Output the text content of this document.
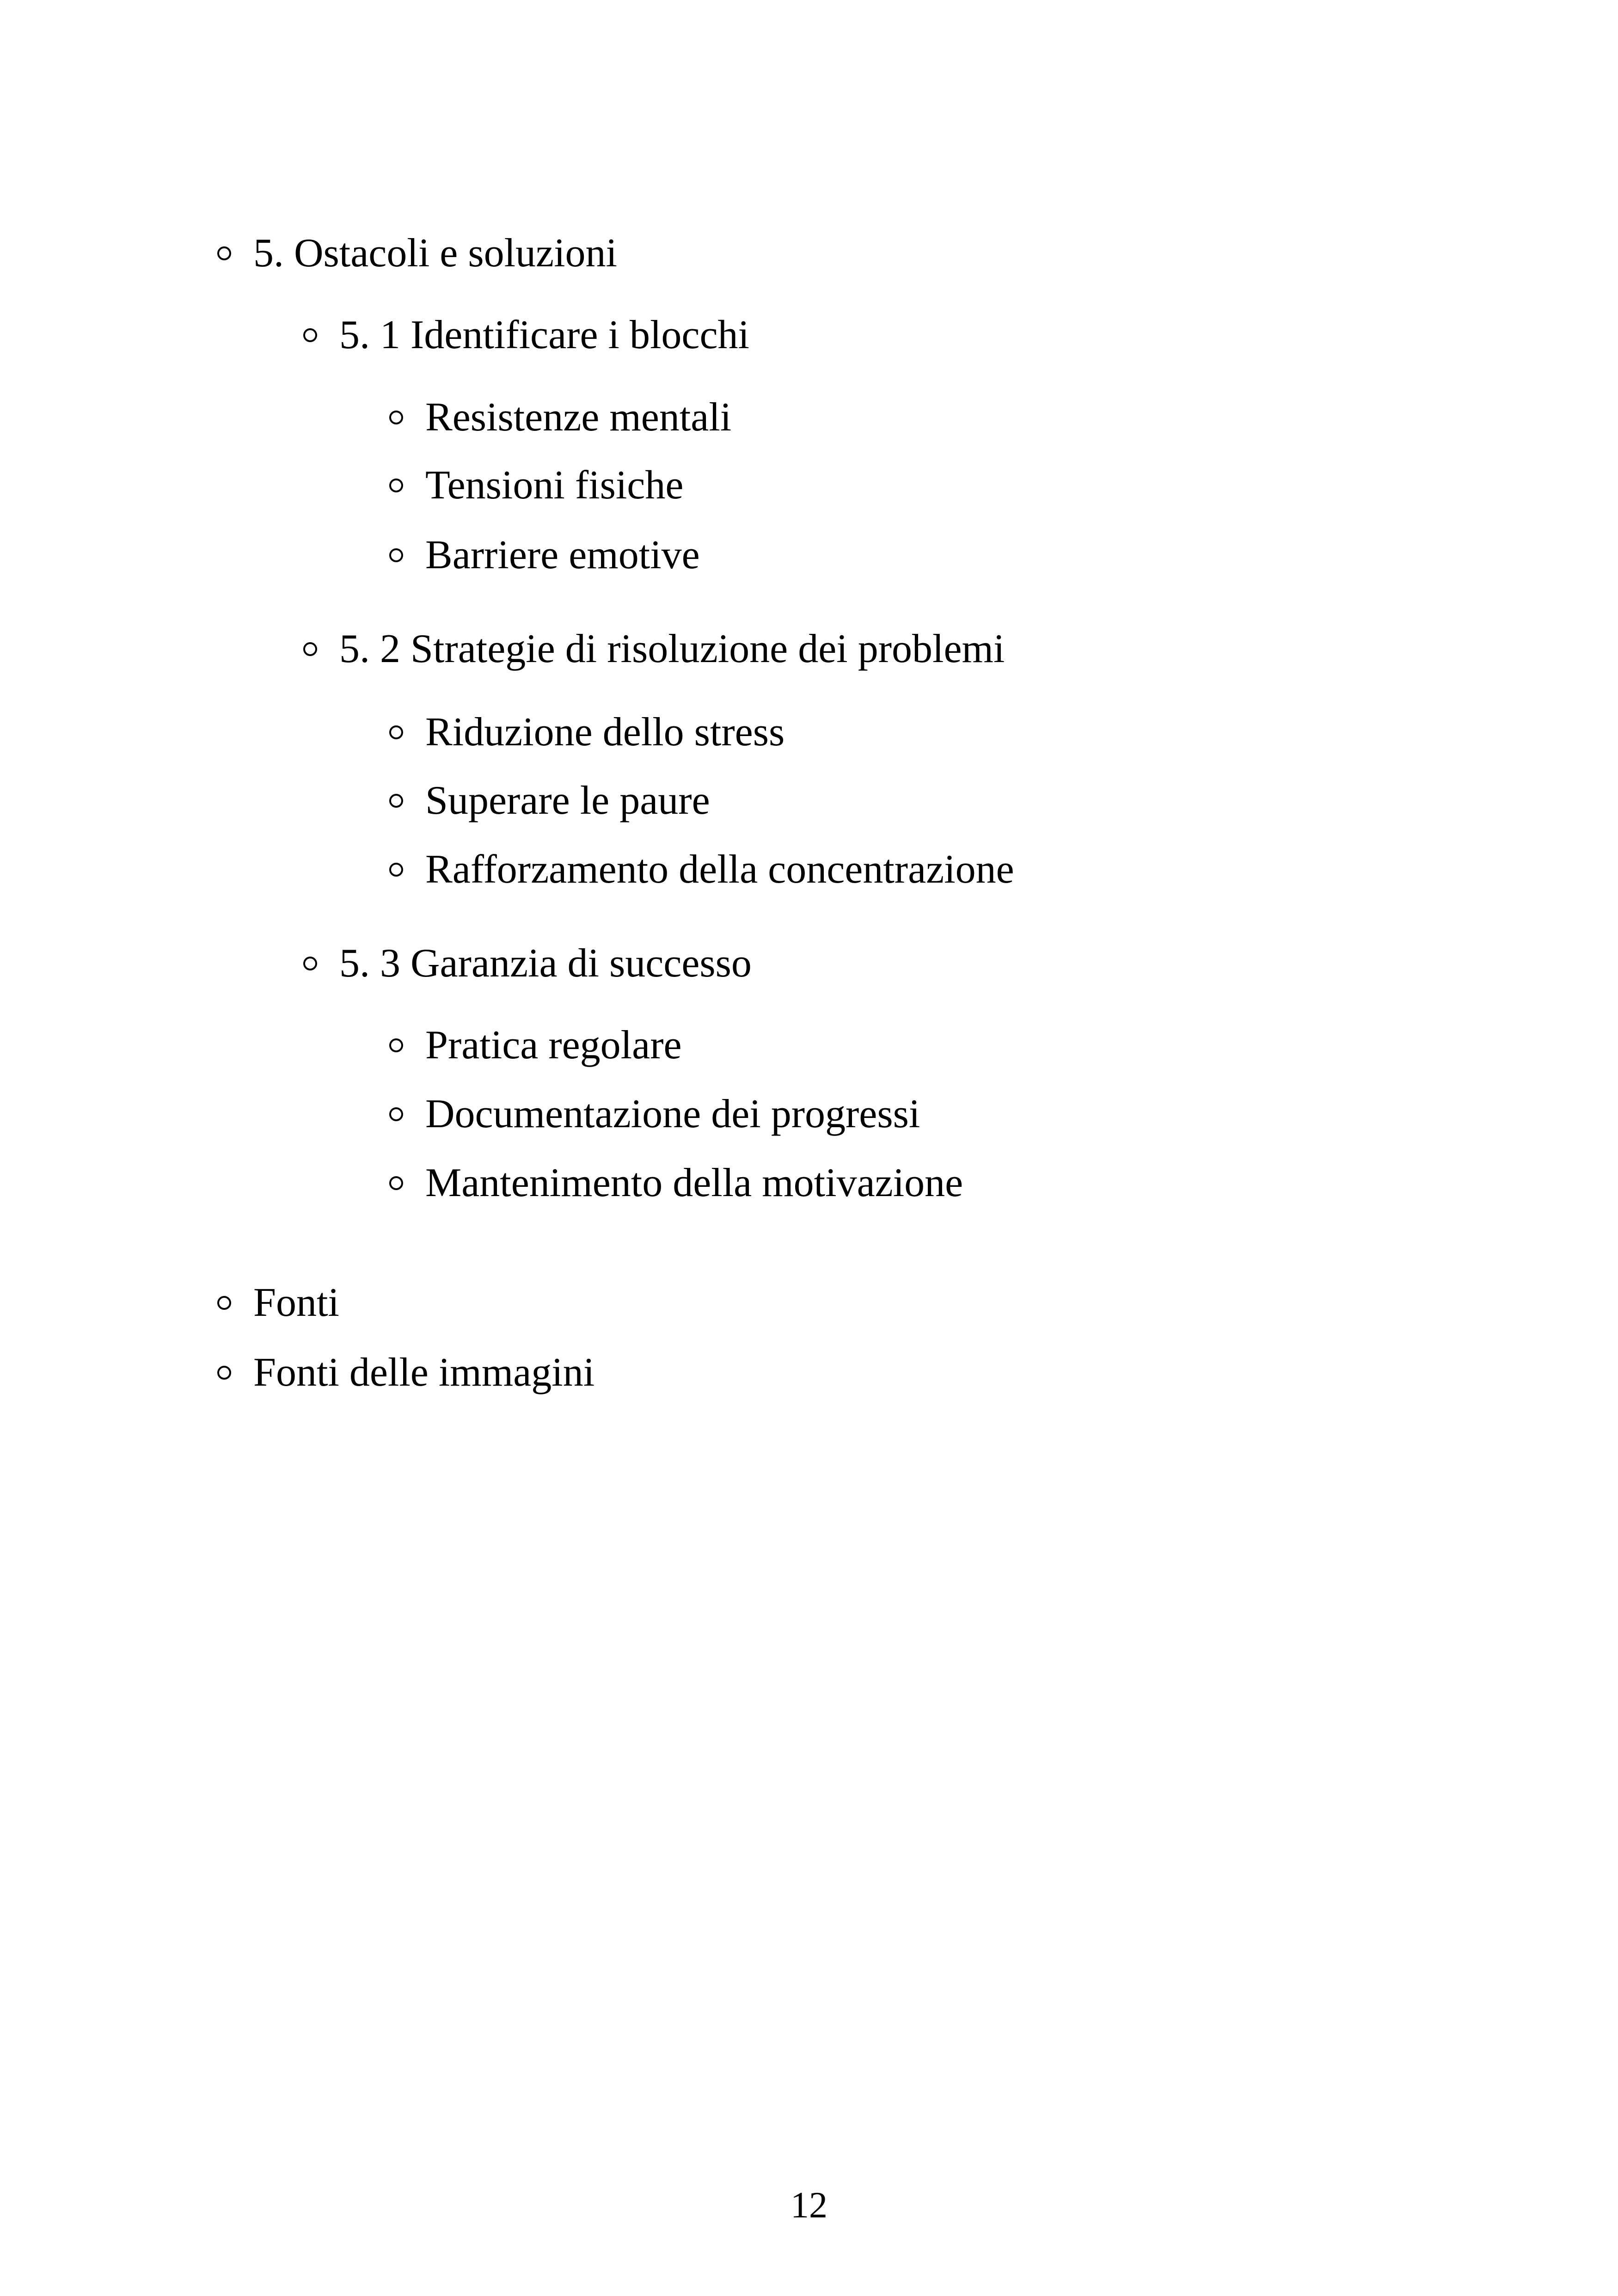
5. Ostacoli e soluzioni
5. 1 Identificare i blocchi
Resistenze mentali
Tensioni fisiche
Barriere emotive
5. 2 Strategie di risoluzione dei problemi
Riduzione dello stress
Superare le paure
Rafforzamento della concentrazione
5. 3 Garanzia di successo
Pratica regolare
Documentazione dei progressi
Mantenimento della motivazione
Fonti
Fonti delle immagini
12
